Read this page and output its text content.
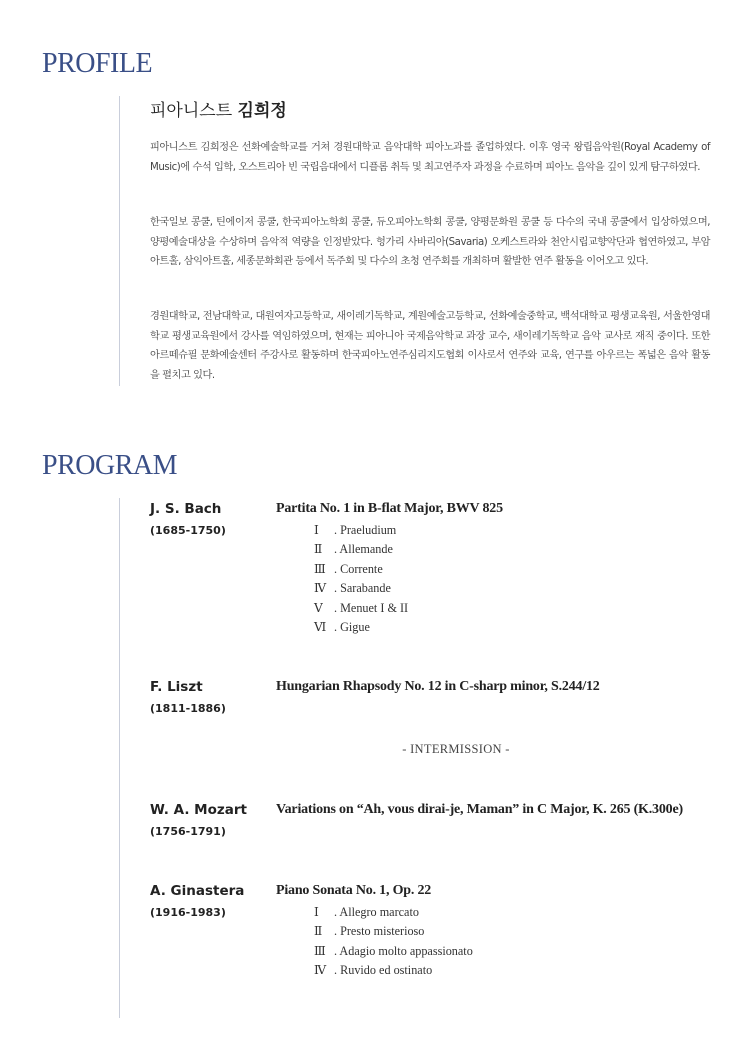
PROFILE
피아니스트 김희정

피아니스트 김희정은 선화예술학교를 거쳐 경원대학교 음악대학 피아노과를 졸업하였다. 이후 영국 왕립음악원(Royal Academy of Music)에 수석 입학, 오스트리아 빈 국립음대에서 디플롬 취득 및 최고연주자 과정을 수료하며 피아노 음악을 깊이 있게 탐구하였다.

한국일보 콩쿨, 틴에이저 콩쿨, 한국피아노학회 콩쿨, 듀오피아노학회 콩쿨, 양평문화원 콩쿨 등 다수의 국내 콩쿨에서 입상하였으며, 양평예술대상을 수상하며 음악적 역량을 인정받았다. 헝가리 사바리아(Savaria) 오케스트라와 천안시립교향악단과 협연하였고, 부암아트홀, 삼익아트홀, 세종문화회관 등에서 독주회 및 다수의 초청 연주회를 개최하며 활발한 연주 활동을 이어오고 있다.

경원대학교, 전남대학교, 대원여자고등학교, 새이레기독학교, 계원예술고등학교, 선화예술중학교, 백석대학교 평생교육원, 서울한영대학교 평생교육원에서 강사를 역임하였으며, 현재는 피아니아 국제음악학교 과장 교수, 새이레기독학교 음악 교사로 재직 중이다. 또한 아르떼슈필 문화예술센터 주강사로 활동하며 한국피아노연주심리지도협회 이사로서 연주와 교육, 연구를 아우르는 폭넓은 음악 활동을 펼치고 있다.

PROGRAM
J. S. Bach
(1685-1750)
Partita No. 1 in B-flat Major, BWV 825
Ⅰ . Praeludium
Ⅱ . Allemande
Ⅲ . Corrente
Ⅳ . Sarabande
Ⅴ . Menuet I & II
Ⅵ . Gigue
F. Liszt
(1811-1886)
Hungarian Rhapsody No. 12 in C-sharp minor, S.244/12

- INTERMISSION -

W. A. Mozart
(1756-1791)
Variations on “Ah, vous dirai-je, Maman” in C Major, K. 265 (K.300e)
A. Ginastera
(1916-1983)
Piano Sonata No. 1, Op. 22
Ⅰ . Allegro marcato
Ⅱ . Presto misterioso
Ⅲ . Adagio molto appassionato
Ⅳ . Ruvido ed ostinato
